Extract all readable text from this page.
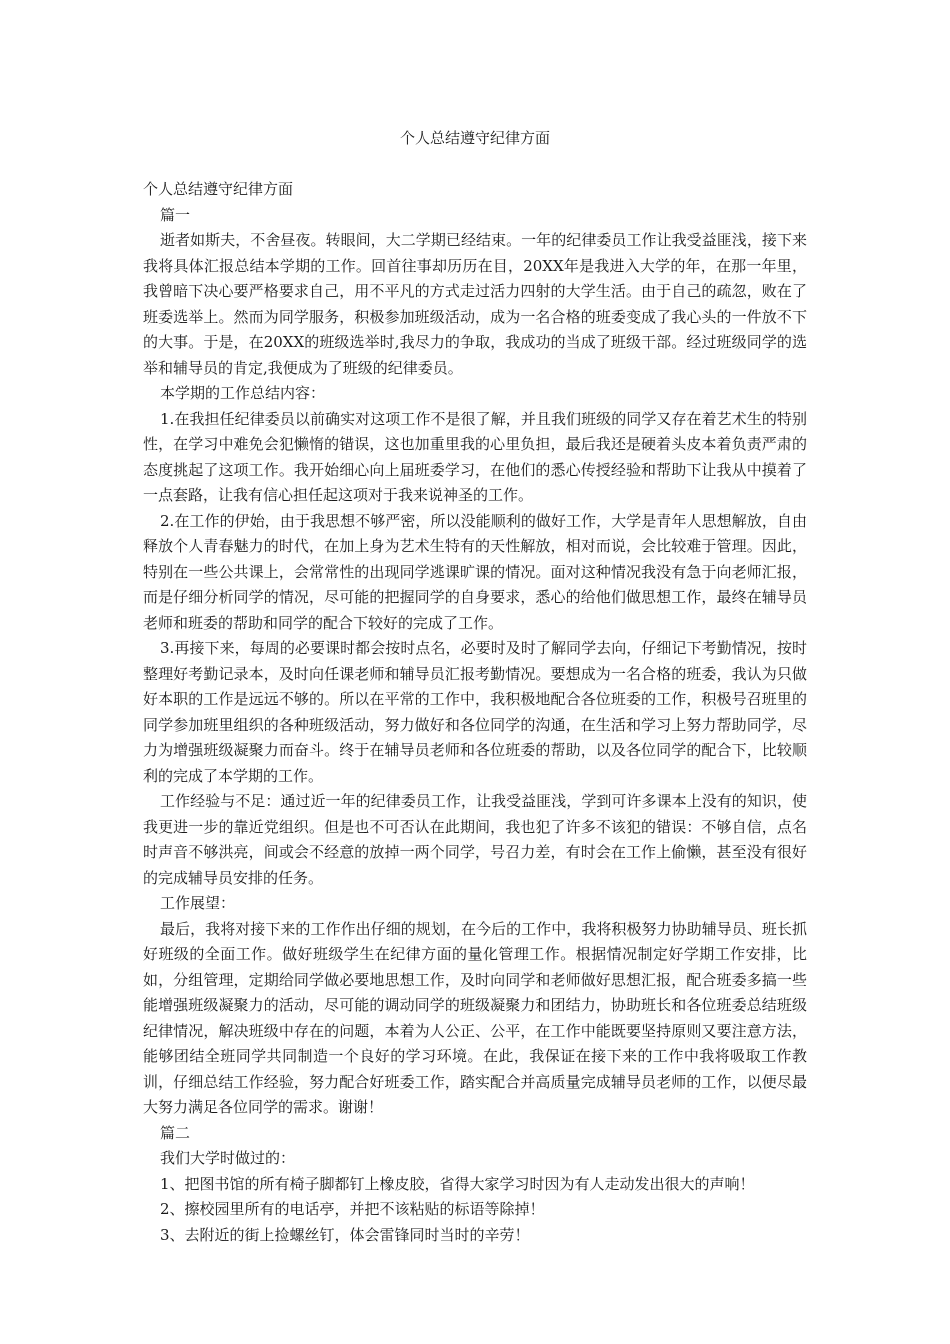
个人总结遵守纪律方面

个人总结遵守纪律方面

篇一

逝者如斯夫，不舍昼夜。转眼间，大二学期已经结束。一年的纪律委员工作让我受益匪浅，接下来我将具体汇报总结本学期的工作。回首往事却历历在目，20XX年是我进入大学的年，在那一年里，我曾暗下决心要严格要求自己，用不平凡的方式走过活力四射的大学生活。由于自己的疏忽，败在了班委选举上。然而为同学服务，积极参加班级活动，成为一名合格的班委变成了我心头的一件放不下的大事。于是，在20XX的班级选举时,我尽力的争取，我成功的当成了班级干部。经过班级同学的选举和辅导员的肯定,我便成为了班级的纪律委员。

本学期的工作总结内容：

1.在我担任纪律委员以前确实对这项工作不是很了解，并且我们班级的同学又存在着艺术生的特别性，在学习中难免会犯懒惰的错误，这也加重里我的心里负担，最后我还是硬着头皮本着负责严肃的态度挑起了这项工作。我开始细心向上届班委学习，在他们的悉心传授经验和帮助下让我从中摸着了一点套路，让我有信心担任起这项对于我来说神圣的工作。

2.在工作的伊始，由于我思想不够严密，所以没能顺利的做好工作，大学是青年人思想解放，自由释放个人青春魅力的时代，在加上身为艺术生特有的天性解放，相对而说，会比较难于管理。因此，特别在一些公共课上，会常常性的出现同学逃课旷课的情况。面对这种情况我没有急于向老师汇报，而是仔细分析同学的情况，尽可能的把握同学的自身要求，悉心的给他们做思想工作，最终在辅导员老师和班委的帮助和同学的配合下较好的完成了工作。

3.再接下来，每周的必要课时都会按时点名，必要时及时了解同学去向，仔细记下考勤情况，按时整理好考勤记录本，及时向任课老师和辅导员汇报考勤情况。要想成为一名合格的班委，我认为只做好本职的工作是远远不够的。所以在平常的工作中，我积极地配合各位班委的工作，积极号召班里的同学参加班里组织的各种班级活动，努力做好和各位同学的沟通，在生活和学习上努力帮助同学，尽力为增强班级凝聚力而奋斗。终于在辅导员老师和各位班委的帮助，以及各位同学的配合下，比较顺利的完成了本学期的工作。

工作经验与不足：通过近一年的纪律委员工作，让我受益匪浅，学到可许多课本上没有的知识，使我更进一步的靠近党组织。但是也不可否认在此期间，我也犯了许多不该犯的错误：不够自信，点名时声音不够洪亮，间或会不经意的放掉一两个同学，号召力差，有时会在工作上偷懒，甚至没有很好的完成辅导员安排的任务。

工作展望：

最后，我将对接下来的工作作出仔细的规划，在今后的工作中，我将积极努力协助辅导员、班长抓好班级的全面工作。做好班级学生在纪律方面的量化管理工作。根据情况制定好学期工作安排，比如，分组管理，定期给同学做必要地思想工作，及时向同学和老师做好思想汇报，配合班委多搞一些能增强班级凝聚力的活动，尽可能的调动同学的班级凝聚力和团结力，协助班长和各位班委总结班级纪律情况，解决班级中存在的问题，本着为人公正、公平，在工作中能既要坚持原则又要注意方法，能够团结全班同学共同制造一个良好的学习环境。在此，我保证在接下来的工作中我将吸取工作教训，仔细总结工作经验，努力配合好班委工作，踏实配合并高质量完成辅导员老师的工作，以便尽最大努力满足各位同学的需求。谢谢！

篇二

我们大学时做过的：

1、把图书馆的所有椅子脚都钉上橡皮胶，省得大家学习时因为有人走动发出很大的声响！

2、擦校园里所有的电话亭，并把不该粘贴的标语等除掉！

3、去附近的街上捡螺丝钉，体会雷锋同时当时的辛劳！
